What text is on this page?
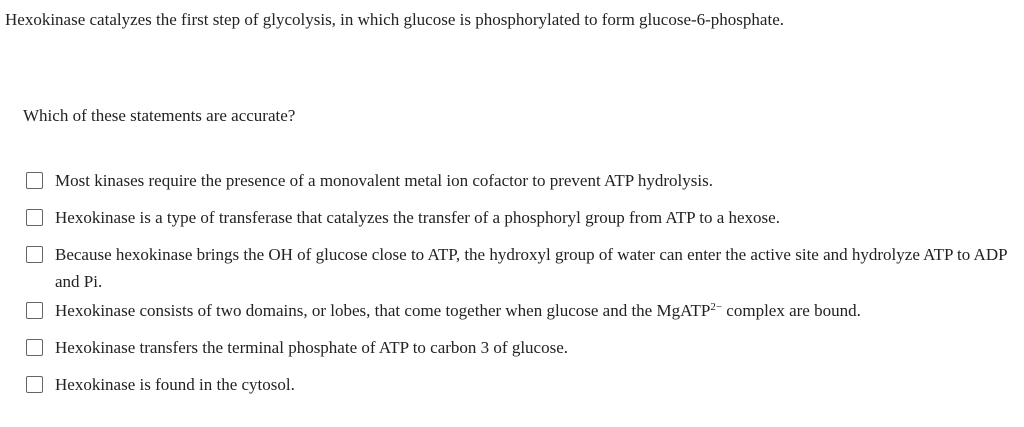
Hexokinase catalyzes the first step of glycolysis, in which glucose is phosphorylated to form glucose-6-phosphate.
Which of these statements are accurate?
Most kinases require the presence of a monovalent metal ion cofactor to prevent ATP hydrolysis.
Hexokinase is a type of transferase that catalyzes the transfer of a phosphoryl group from ATP to a hexose.
Because hexokinase brings the OH of glucose close to ATP, the hydroxyl group of water can enter the active site and hydrolyze ATP to ADP and Pi.
Hexokinase consists of two domains, or lobes, that come together when glucose and the MgATP$^{2-}$ complex are bound.
Hexokinase transfers the terminal phosphate of ATP to carbon 3 of glucose.
Hexokinase is found in the cytosol.
